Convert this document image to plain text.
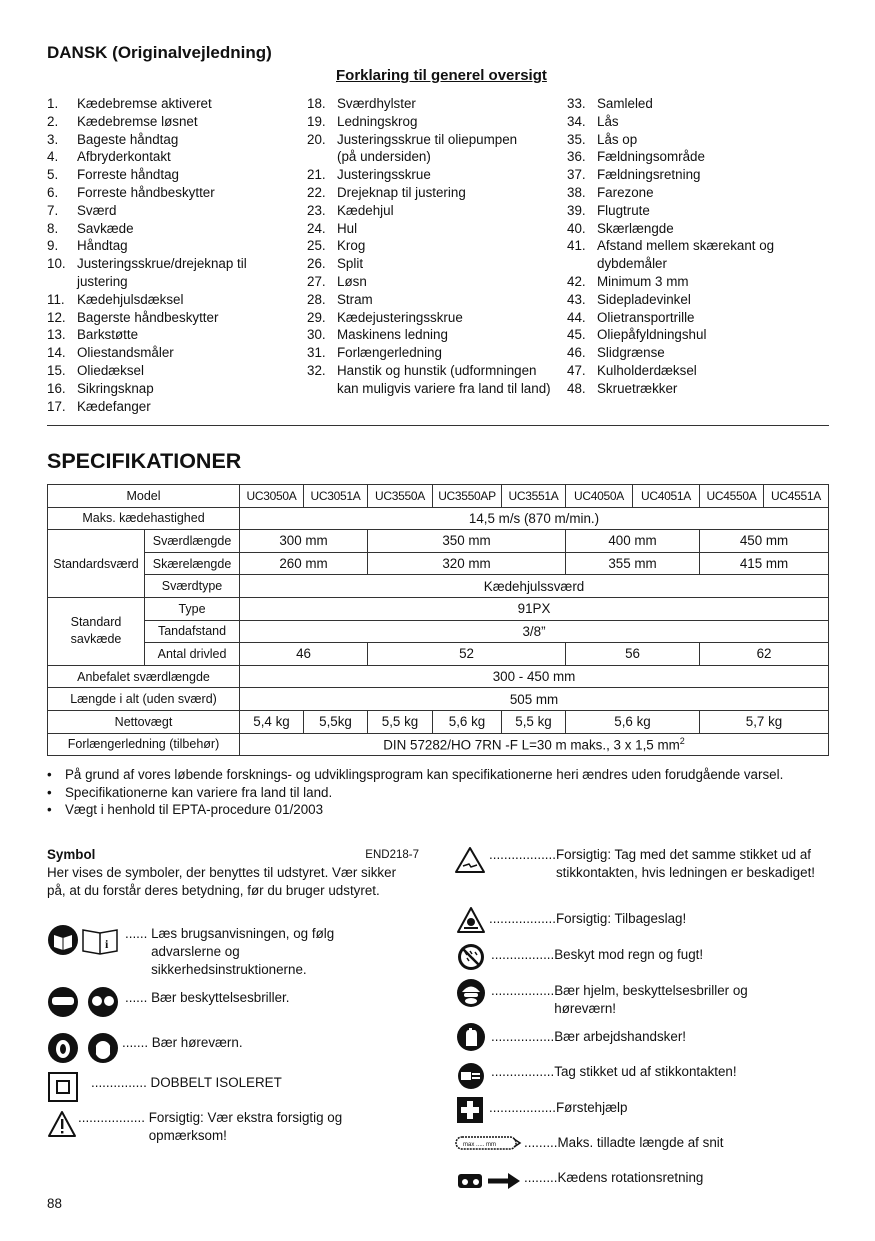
DANSK (Originalvejledning)
Forklaring til generel oversigt
1.	Kædebremse aktiveret
2.	Kædebremse løsnet
3.	Bageste håndtag
4.	Afbryderkontakt
5.	Forreste håndtag
6.	Forreste håndbeskytter
7.	Sværd
8.	Savkæde
9.	Håndtag
10. Justeringsskrue/drejeknap til justering
11. Kædehjulsdæksel
12. Bagerste håndbeskytter
13. Barkstøtte
14. Oliestandsmåler
15. Oliedæksel
16. Sikringsknap
17. Kædefanger
18. Sværdhylster
19. Ledningskrog
20. Justeringsskrue til oliepumpen (på undersiden)
21. Justeringsskrue
22. Drejeknap til justering
23. Kædehjul
24. Hul
25. Krog
26. Split
27. Løsn
28. Stram
29. Kædejusteringsskrue
30. Maskinens ledning
31. Forlængerledning
32. Hanstik og hunstik (udformningen kan muligvis variere fra land til land)
33. Samleled
34. Lås
35. Lås op
36. Fældningsområde
37. Fældningsretning
38. Farezone
39. Flugtrute
40. Skærlængde
41. Afstand mellem skærekant og dybdemåler
42. Minimum 3 mm
43. Sidepladevinkel
44. Olietransportrille
45. Oliepåfyldningshul
46. Slidgrænse
47. Kulholderdæksel
48. Skruetrækker
SPECIFIKATIONER
Model		UC3050A	UC3051A	UC3550A	UC3550AP	UC3551A	UC4050A	UC4051A	UC4550A	UC4551A
Maks. kædehastighed		14,5 m/s (870 m/min.)								
Standardsværd	Sværdlængde	300 mm		350 mm			400 mm		450 mm	
	Skærelængde	260 mm		320 mm			355 mm		415 mm	
	Sværdtype	Kædehjulssværd								
Standard savkæde	Type	91PX								
	Tandafstand	3/8”								
	Antal drivled	46		52			56		62	
Anbefalet sværdlængde		300 - 450 mm								
Længde i alt (uden sværd)		505 mm								
Nettovægt		5,4 kg	5,5kg	5,5 kg	5,6 kg	5,5 kg	5,6 kg		5,7 kg	
Forlængerledning (tilbehør)		DIN 57282/HO 7RN -F L=30 m maks., 3 x 1,5 $mm^2$
• På grund af vores løbende forsknings- og udviklingsprogram kan specifikationerne heri ændres uden forudgående varsel.
• Specifikationerne kan variere fra land til land.
• Vægt i henhold til EPTA-procedure 01/2003
Symbol	END218-7
Her vises de symboler, der benyttes til udstyret. Vær sikker på, at du forstår deres betydning, før du bruger udstyret.
i
......
Læs brugsanvisningen, og følg advarslerne og sikkerhedsinstruktionerne.
......
Bær beskyttelsesbriller.
.......
Bær høreværn.
...............
DOBBELT ISOLERET
..................
Forsigtig: Vær ekstra forsigtig og opmærksom!
max ..... mm
.................. Forsigtig: Tag med det samme stikket ud af stikkontakten, hvis ledningen er beskadiget!
.................. Forsigtig: Tilbageslag!
................. Beskyt mod regn og fugt!
................. Bær hjelm, beskyttelsesbriller og høreværn!
................. Bær arbejdshandsker!
................. Tag stikket ud af stikkontakten!
.................. Førstehjælp
......... Maks. tilladte længde af snit
......... Kædens rotationsretning
88
